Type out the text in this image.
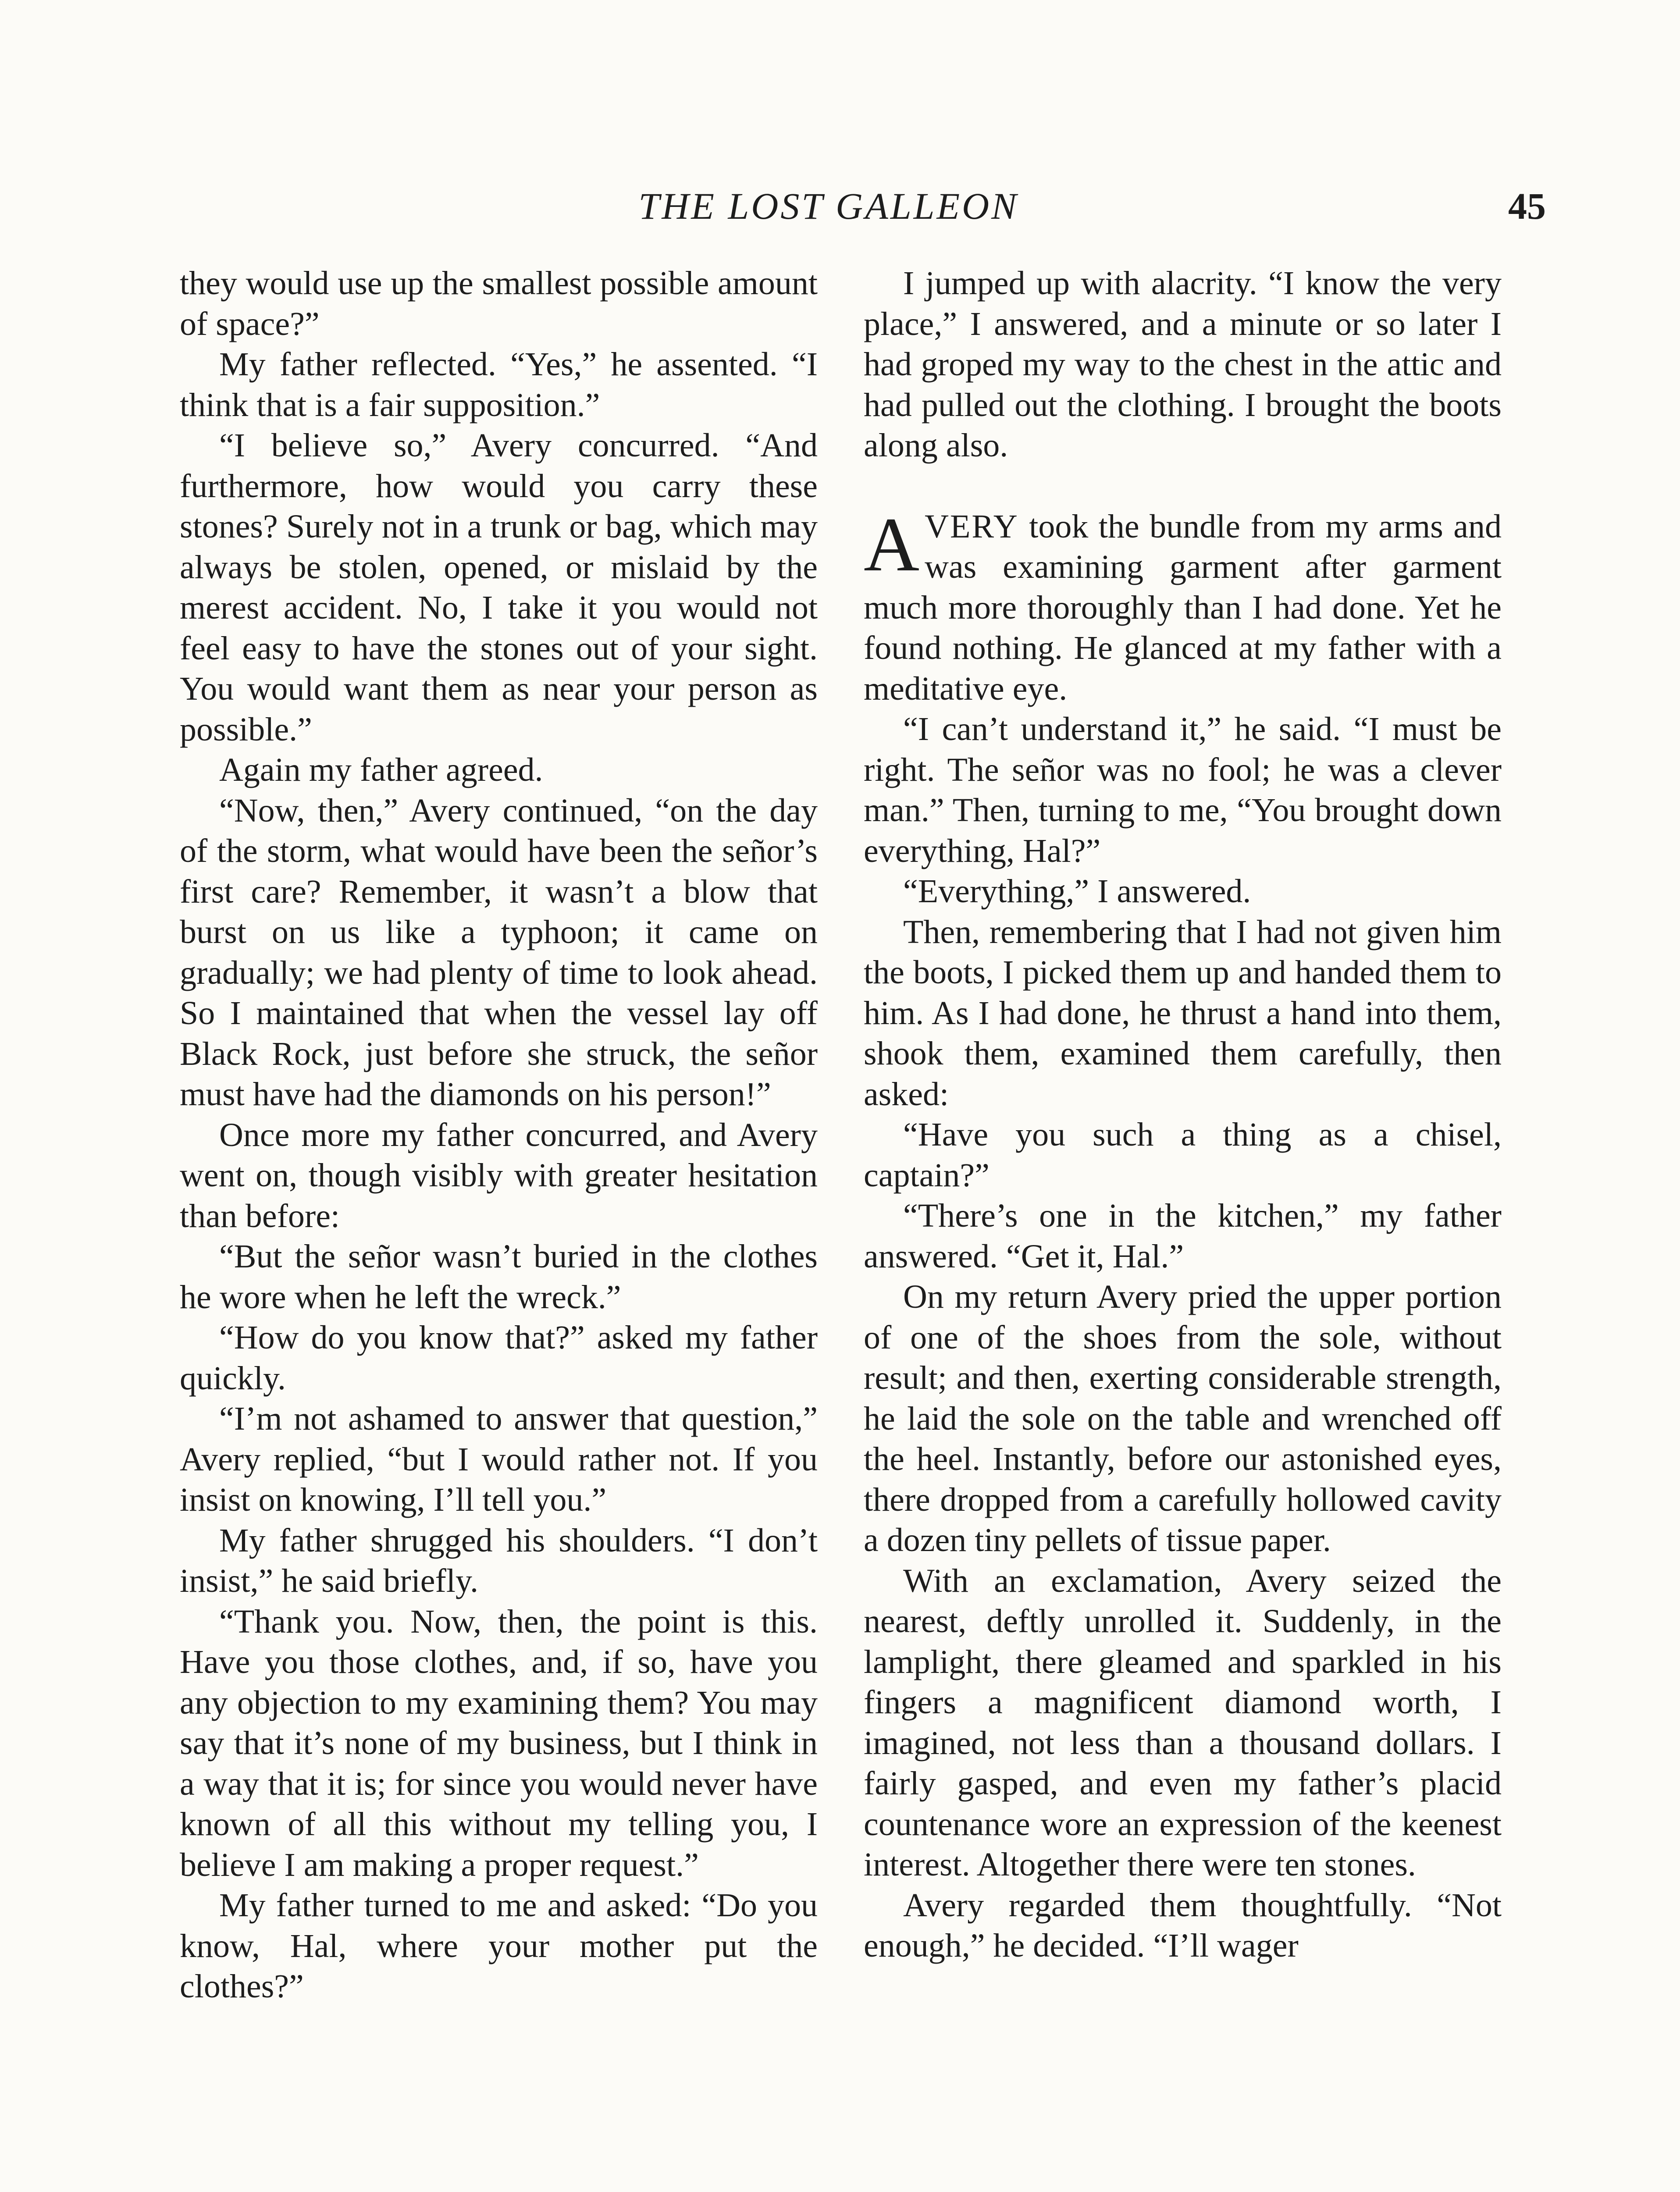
THE LOST GALLEON	45

they would use up the smallest possible amount of space?”

My father reflected. “Yes,” he assented. “I think that is a fair supposition.”

“I believe so,” Avery concurred. “And furthermore, how would you carry these stones? Surely not in a trunk or bag, which may always be stolen, opened, or mislaid by the merest accident. No, I take it you would not feel easy to have the stones out of your sight. You would want them as near your person as possible.”

Again my father agreed.

“Now, then,” Avery continued, “on the day of the storm, what would have been the señor’s first care? Remember, it wasn’t a blow that burst on us like a typhoon; it came on gradually; we had plenty of time to look ahead. So I maintained that when the vessel lay off Black Rock, just before she struck, the señor must have had the diamonds on his person!”

Once more my father concurred, and Avery went on, though visibly with greater hesitation than before:

“But the señor wasn’t buried in the clothes he wore when he left the wreck.”

“How do you know that?” asked my father quickly.

“I’m not ashamed to answer that question,” Avery replied, “but I would rather not. If you insist on knowing, I’ll tell you.”

My father shrugged his shoulders. “I don’t insist,” he said briefly.

“Thank you. Now, then, the point is this. Have you those clothes, and, if so, have you any objection to my examining them? You may say that it’s none of my business, but I think in a way that it is; for since you would never have known of all this without my telling you, I believe I am making a proper request.”

My father turned to me and asked: “Do you know, Hal, where your mother put the clothes?”

I jumped up with alacrity. “I know the very place,” I answered, and a minute or so later I had groped my way to the chest in the attic and had pulled out the clothing. I brought the boots along also.

AVERY took the bundle from my arms and was examining garment after garment much more thoroughly than I had done. Yet he found nothing. He glanced at my father with a meditative eye.

“I can’t understand it,” he said. “I must be right. The señor was no fool; he was a clever man.” Then, turning to me, “You brought down everything, Hal?”

“Everything,” I answered.

Then, remembering that I had not given him the boots, I picked them up and handed them to him. As I had done, he thrust a hand into them, shook them, examined them carefully, then asked:

“Have you such a thing as a chisel, captain?”

“There’s one in the kitchen,” my father answered. “Get it, Hal.”

On my return Avery pried the upper portion of one of the shoes from the sole, without result; and then, exerting considerable strength, he laid the sole on the table and wrenched off the heel. Instantly, before our astonished eyes, there dropped from a carefully hollowed cavity a dozen tiny pellets of tissue paper.

With an exclamation, Avery seized the nearest, deftly unrolled it. Suddenly, in the lamplight, there gleamed and sparkled in his fingers a magnificent diamond worth, I imagined, not less than a thousand dollars. I fairly gasped, and even my father’s placid countenance wore an expression of the keenest interest. Altogether there were ten stones.

Avery regarded them thoughtfully. “Not enough,” he decided. “I’ll wager
